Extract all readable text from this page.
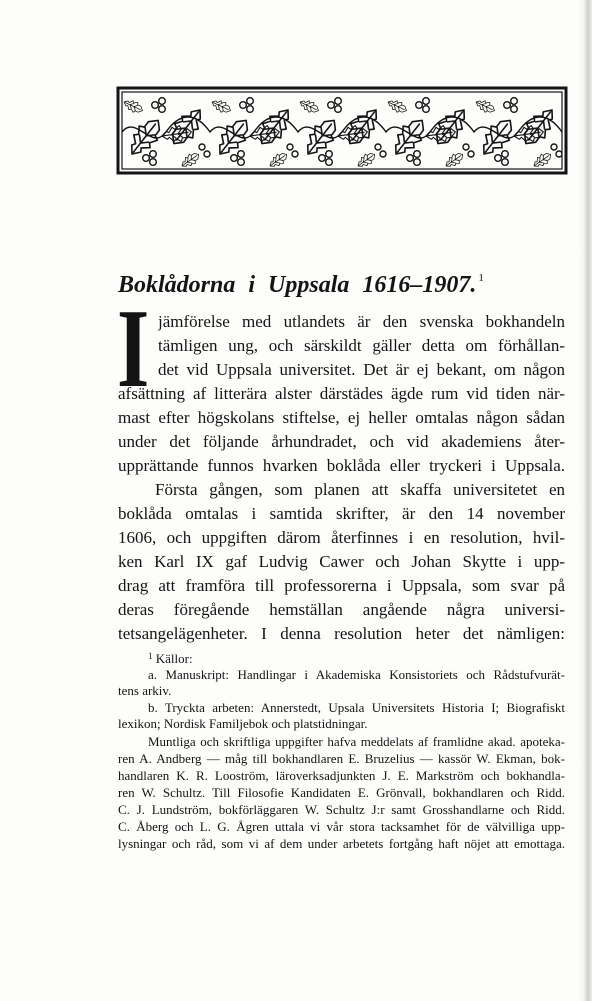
Boklådorna i Uppsala 1616–1907. $^1$
I jämförelse med utlandets är den svenska bokhandeln
tämligen ung, och särskildt gäller detta om förhållan-
det vid Uppsala universitet. Det är ej bekant, om någon
afsättning af litterära alster därstädes ägde rum vid tiden när-
mast efter högskolans stiftelse, ej heller omtalas någon sådan
under det följande århundradet, och vid akademiens åter-
upprättande funnos hvarken boklåda eller tryckeri i Uppsala.
Första gången, som planen att skaffa universitetet en
boklåda omtalas i samtida skrifter, är den 14 november
1606, och uppgiften därom återfinnes i en resolution, hvil-
ken Karl IX gaf Ludvig Cawer och Johan Skytte i upp-
drag att framföra till professorerna i Uppsala, som svar på
deras föregående hemställan angående några universi-
tetsangelägenheter. I denna resolution heter det nämligen:
$^1$ Källor:
a. Manuskript: Handlingar i Akademiska Konsistoriets och Rådstufvurät-
tens arkiv.
b. Tryckta arbeten: Annerstedt, Upsala Universitets Historia I; Biografiskt
lexikon; Nordisk Familjebok och platstidningar.
Muntliga och skriftliga uppgifter hafva meddelats af framlidne akad. apoteka-
ren A. Andberg — måg till bokhandlaren E. Bruzelius — kassör W. Ekman, bok-
handlaren K. R. Looström, läroverksadjunkten J. E. Markström och bokhandla-
ren W. Schultz. Till Filosofie Kandidaten E. Grönvall, bokhandlaren och Ridd.
C. J. Lundström, bokförläggaren W. Schultz J:r samt Grosshandlarne och Ridd.
C. Åberg och L. G. Ågren uttala vi vår stora tacksamhet för de välvilliga upp-
lysningar och råd, som vi af dem under arbetets fortgång haft nöjet att emottaga.
